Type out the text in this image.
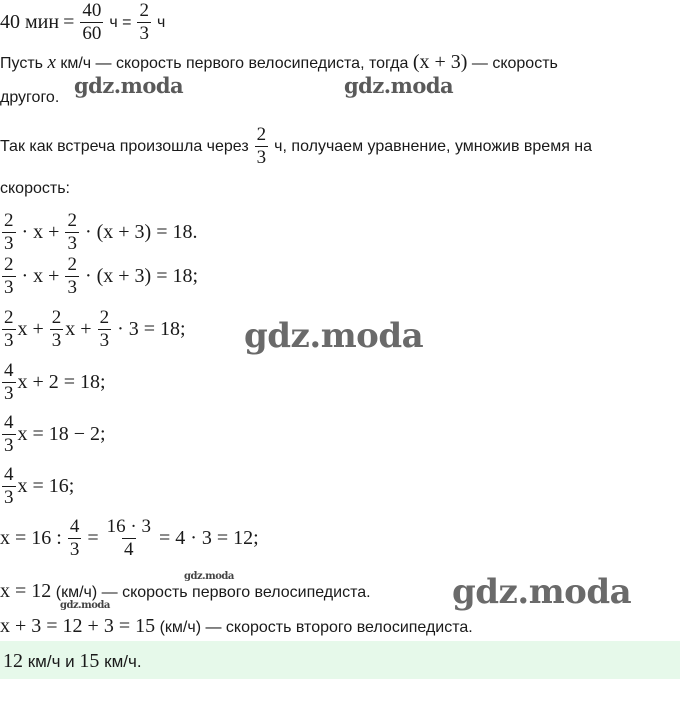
40 мин = $\frac{40}{60}$ $ч = \frac{2}{3}$ ч
Пусть x км/ч — скорость первого велосипедиста, тогда (x + 3) — скорость
другого.
Так как встреча произошла через $\frac{2}{3} ч$, получаем уравнение, умножив время на
скорость:
$\frac{2}{3} \cdot x + \frac{2}{3} \cdot (x + 3) = 18$.
$\frac{2}{3} \cdot x + \frac{2}{3} \cdot (x + 3) = 18$;
$\frac{2}{3}$ $x + \frac{2}{3}$ $x + \frac{2}{3} \cdot 3 = 18$;
$\frac{4}{3}$ x + 2 = 18;
$\frac{4}{3}$ x = 18 − 2;
$\frac{4}{3}$ x = 16;
x = 16 : $\frac{4}{3} = \frac{16 \cdot 3}{4} = 4 \cdot 3 = 12$;
x = 12 (км/ч) — скорость первого велосипедиста.
x + 3 = 12 + 3 = 15 (км/ч) — скорость второго велосипедиста.
12 км/ч и 15 км/ч.
gdz.moda	gdz.moda
gdz.moda
gdz.moda
gdz.moda
gdz.moda
